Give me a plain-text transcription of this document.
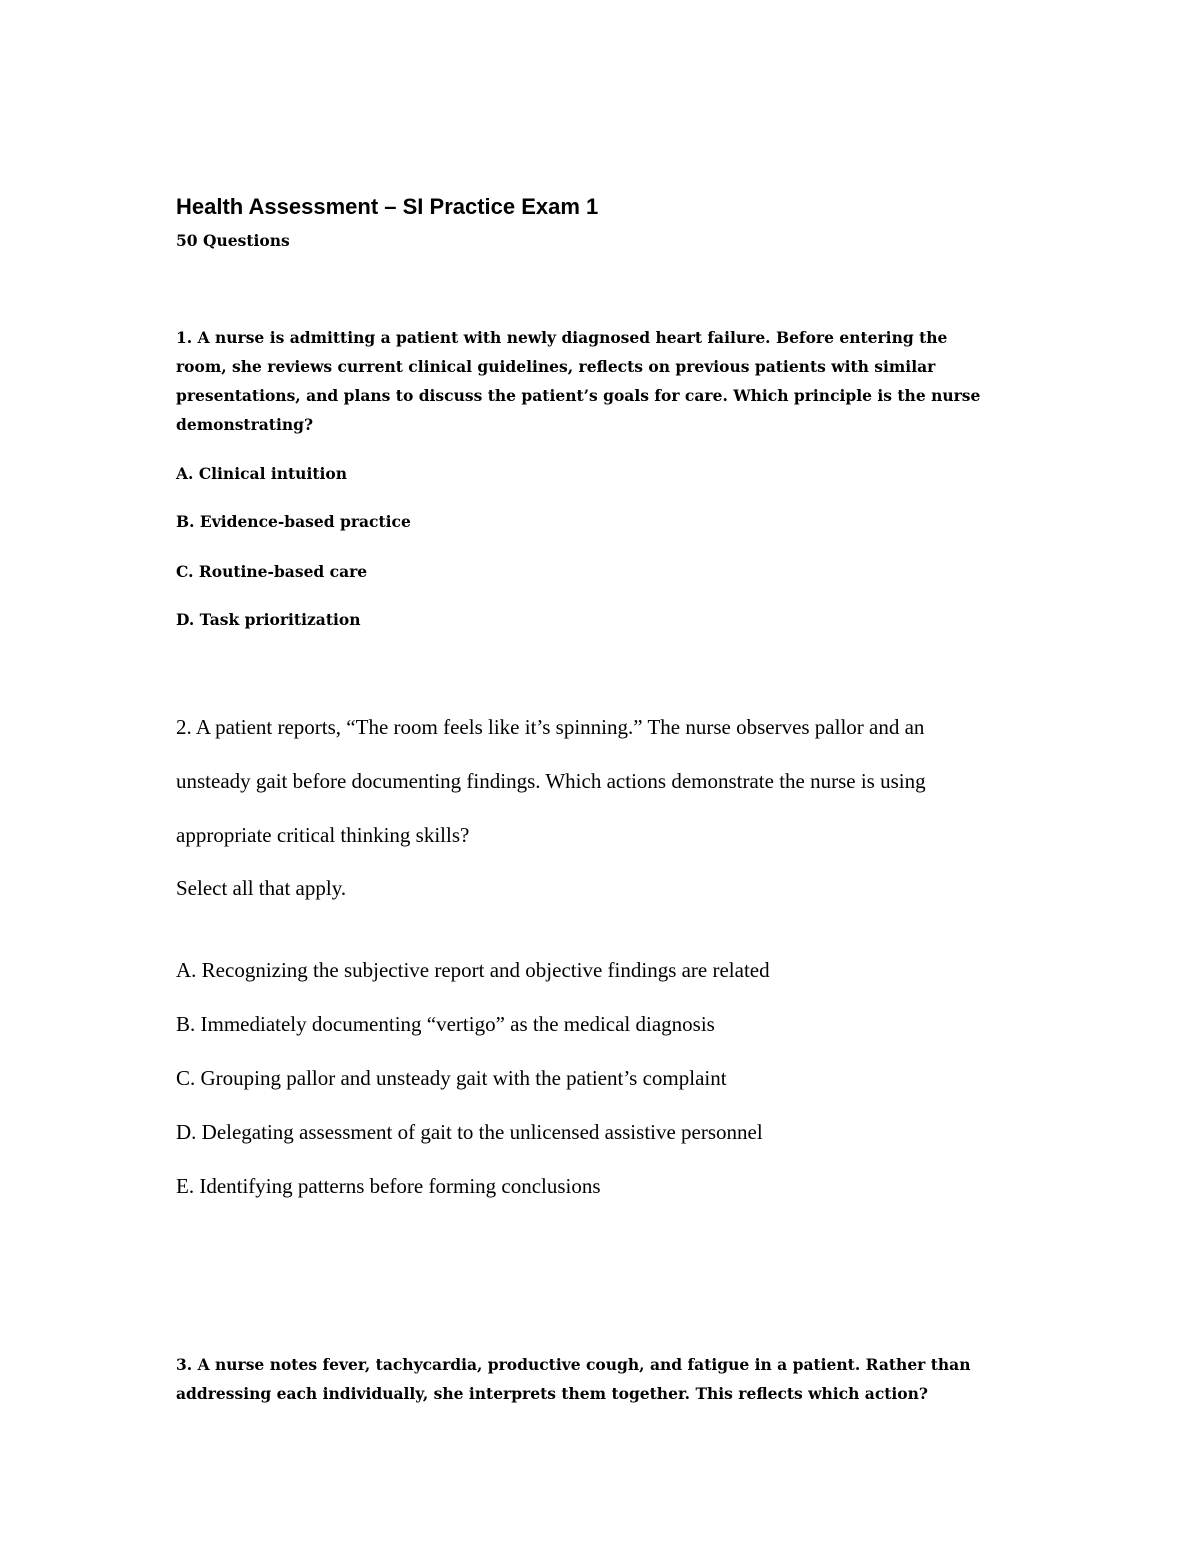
Health Assessment – SI Practice Exam 1
50 Questions
1. A nurse is admitting a patient with newly diagnosed heart failure. Before entering the
room, she reviews current clinical guidelines, reflects on previous patients with similar
presentations, and plans to discuss the patient’s goals for care. Which principle is the nurse
demonstrating?
A. Clinical intuition
B. Evidence-based practice
C. Routine-based care
D. Task prioritization
2. A patient reports, “The room feels like it’s spinning.” The nurse observes pallor and an
unsteady gait before documenting findings. Which actions demonstrate the nurse is using
appropriate critical thinking skills?
Select all that apply.
A. Recognizing the subjective report and objective findings are related
B. Immediately documenting “vertigo” as the medical diagnosis
C. Grouping pallor and unsteady gait with the patient’s complaint
D. Delegating assessment of gait to the unlicensed assistive personnel
E. Identifying patterns before forming conclusions
3. A nurse notes fever, tachycardia, productive cough, and fatigue in a patient. Rather than
addressing each individually, she interprets them together. This reflects which action?
